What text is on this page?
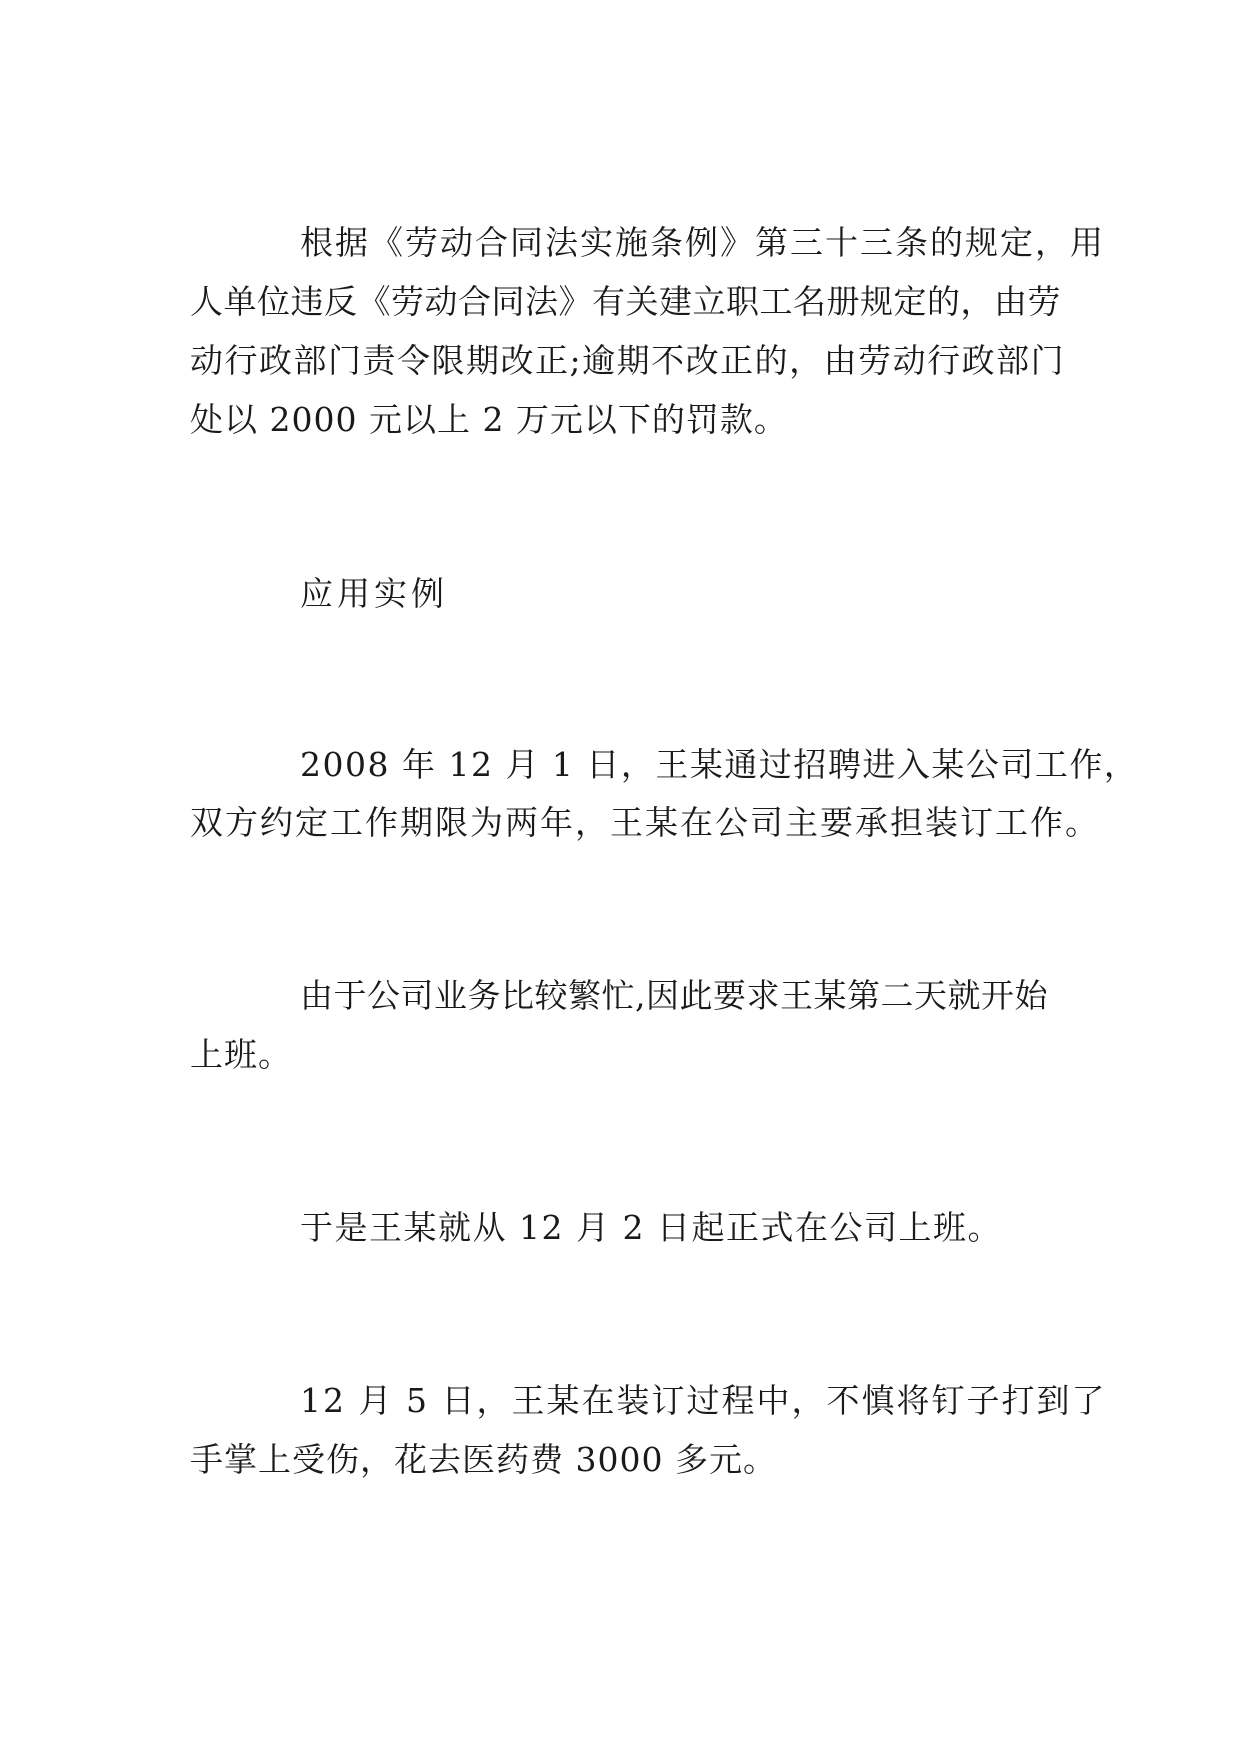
根据《劳动合同法实施条例》第三十三条的规定，用
人单位违反《劳动合同法》有关建立职工名册规定的，由劳
动行政部门责令限期改正;逾期不改正的，由劳动行政部门
处以 2000 元以上 2 万元以下的罚款。
应用实例
2008 年 12 月 1 日，王某通过招聘进入某公司工作，
双方约定工作期限为两年，王某在公司主要承担装订工作。
由于公司业务比较繁忙,因此要求王某第二天就开始
上班。
于是王某就从 12 月 2 日起正式在公司上班。
12 月 5 日，王某在装订过程中，不慎将钉子打到了
手掌上受伤，花去医药费 3000 多元。
